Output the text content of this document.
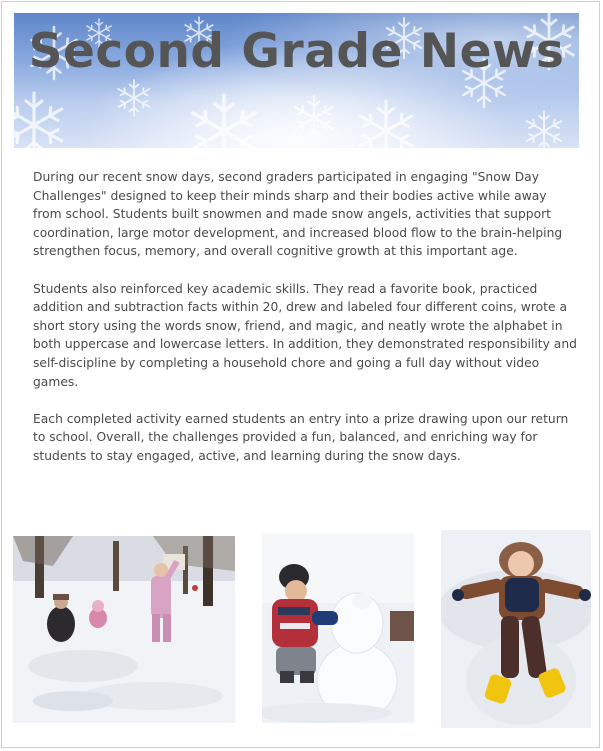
Second Grade News

During our recent snow days, second graders participated in engaging "Snow Day Challenges" designed to keep their minds sharp and their bodies active while away from school. Students built snowmen and made snow angels, activities that support coordination, large motor development, and increased blood flow to the brain-helping strengthen focus, memory, and overall cognitive growth at this important age.

Students also reinforced key academic skills. They read a favorite book, practiced addition and subtraction facts within 20, drew and labeled four different coins, wrote a short story using the words snow, friend, and magic, and neatly wrote the alphabet in both uppercase and lowercase letters. In addition, they demonstrated responsibility and self-discipline by completing a household chore and going a full day without video games.

Each completed activity earned students an entry into a prize drawing upon our return to school. Overall, the challenges provided a fun, balanced, and enriching way for students to stay engaged, active, and learning during the snow days.
